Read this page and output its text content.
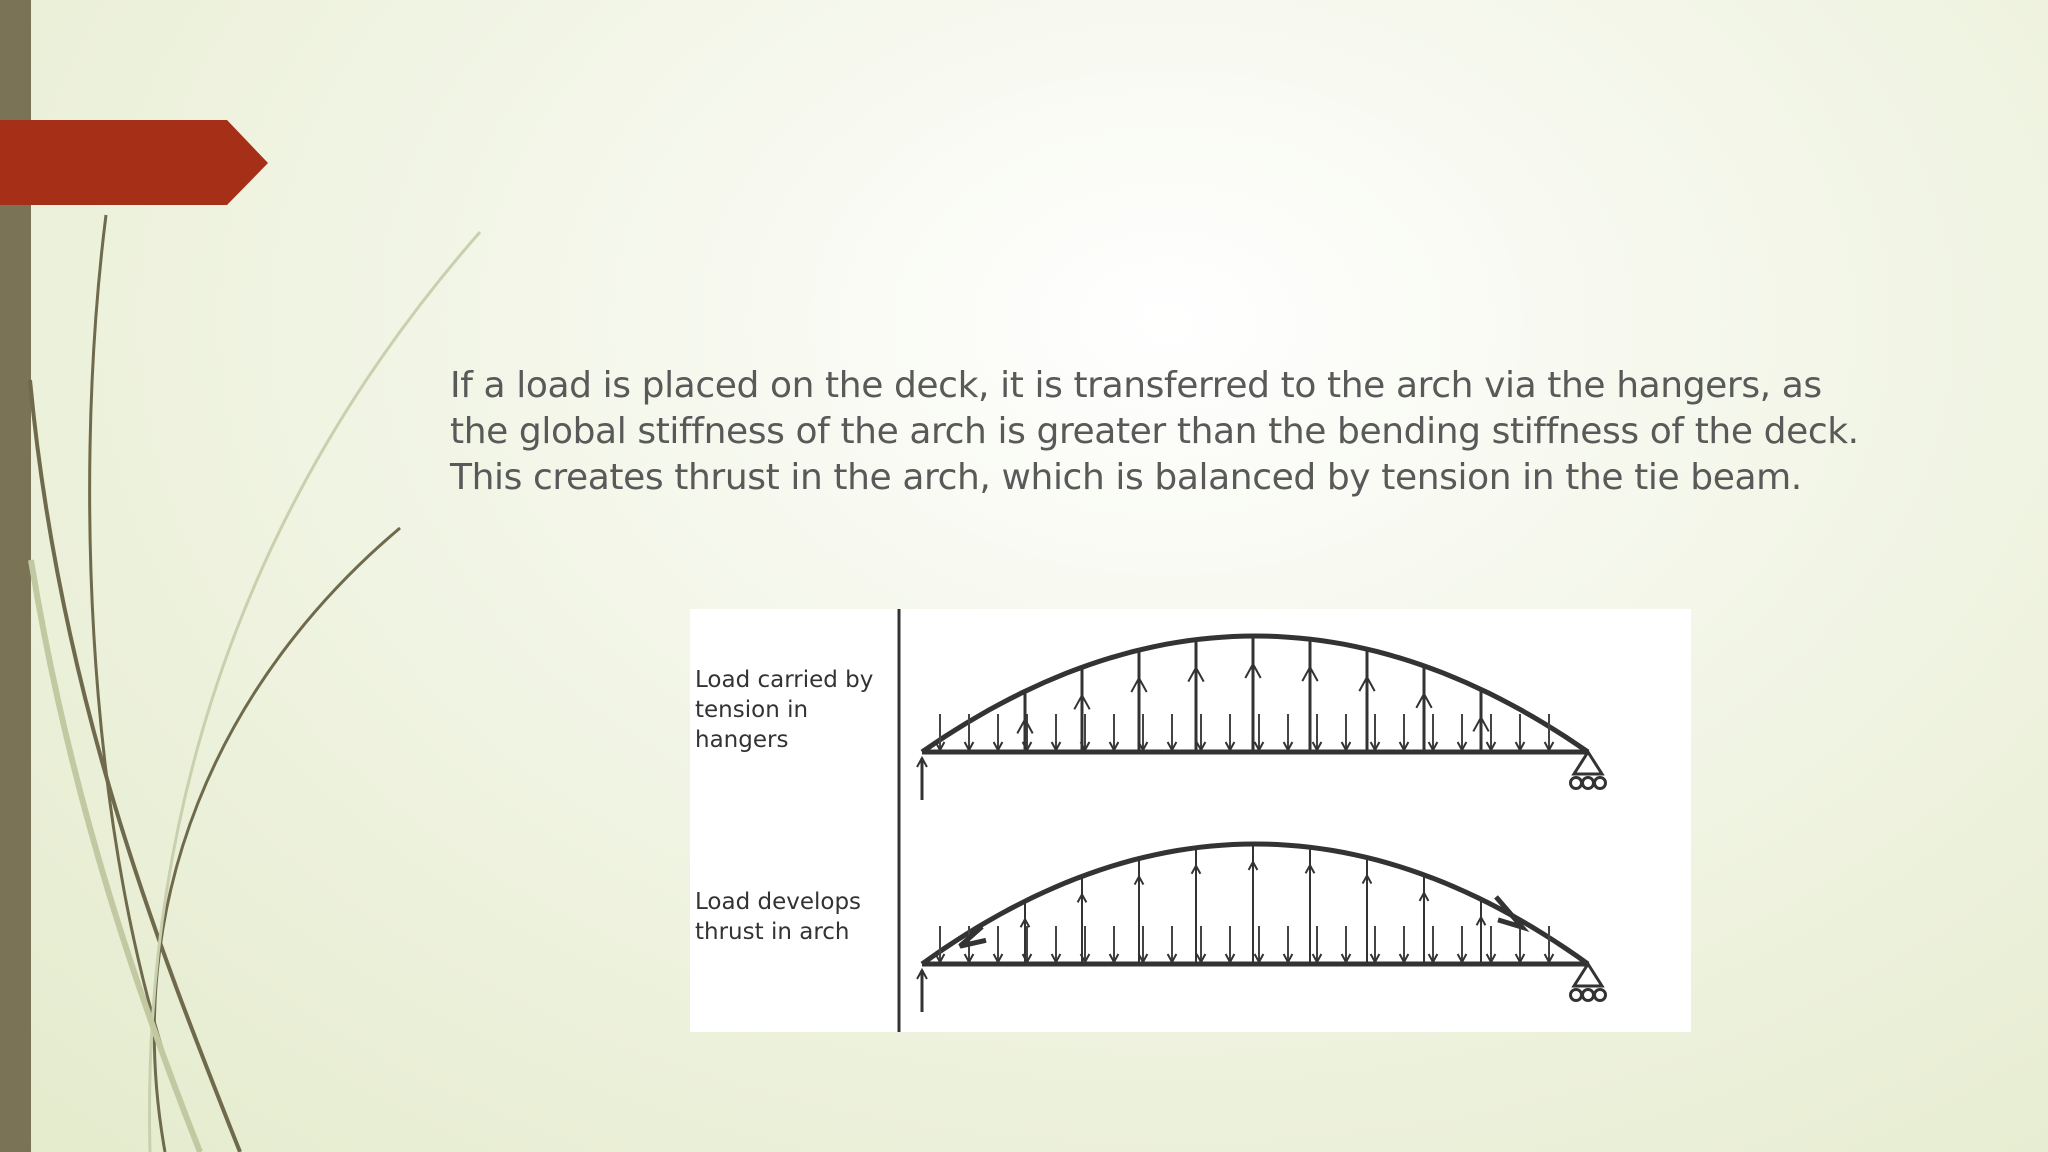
If a load is placed on the deck, it is transferred to the arch via the hangers, as
the global stiffness of the arch is greater than the bending stiffness of the deck.
This creates thrust in the arch, which is balanced by tension in the tie beam.

Load carried by
tension in
hangers

Load develops
thrust in arch
